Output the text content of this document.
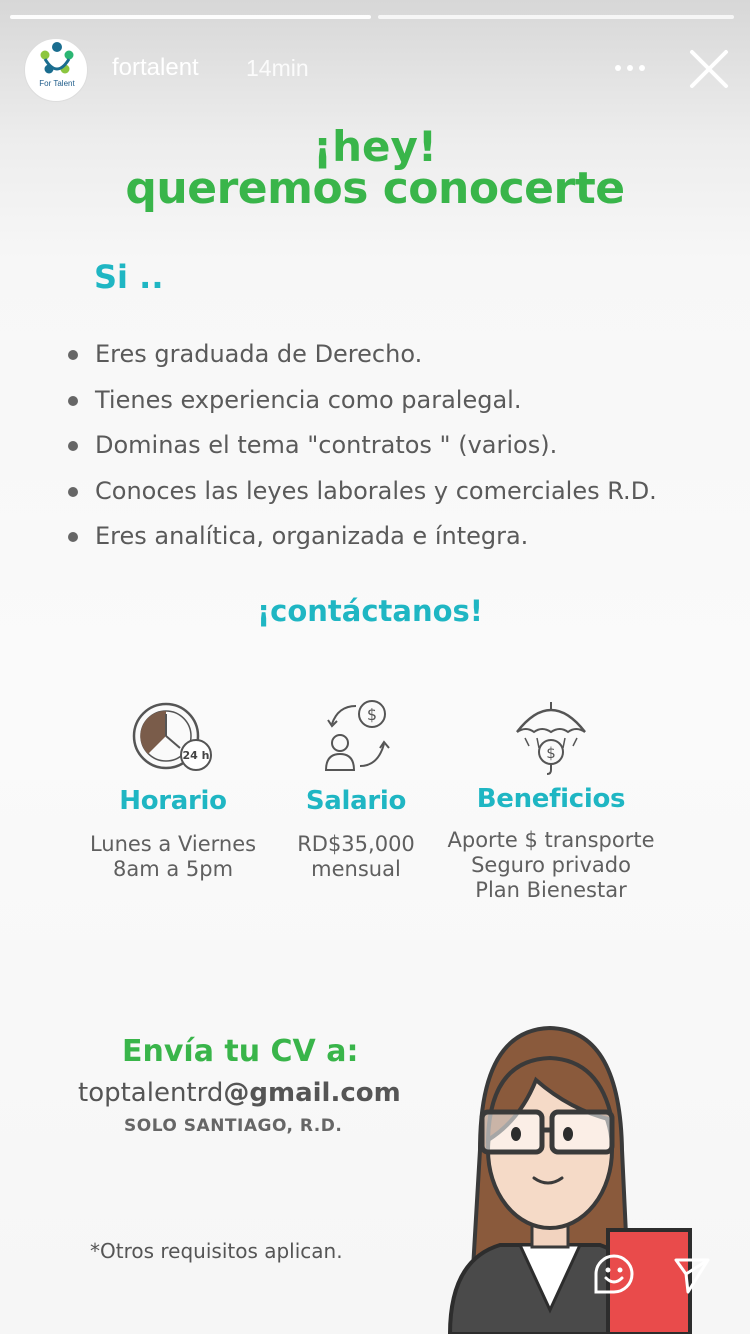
For Talent
fortalent 14min
¡hey!
queremos conocerte
Si ..
Eres graduada de Derecho.
Tienes experiencia como paralegal.
Dominas el tema "contratos " (varios).
Conoces las leyes laborales y comerciales R.D.
Eres analítica, organizada e íntegra.
¡contáctanos!
24 h
Horario
Lunes a Viernes
8am a 5pm
$
Salario
RD$35,000
mensual
$
Beneficios
Aporte $ transporte
Seguro privado
Plan Bienestar
Envía tu CV a:
toptalentrd@gmail.com
SOLO SANTIAGO, R.D.
*Otros requisitos aplican.
